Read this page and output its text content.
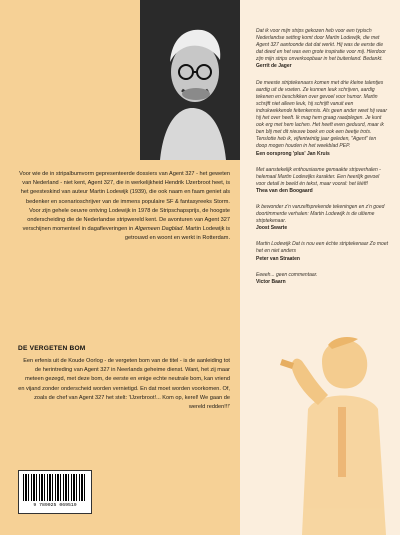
Voor wie de in stripalbumvorm gepresenteerde dossiers van Agent 327 - het geweten van Nederland - niet kent, Agent 327, die in werkelijkheid Hendrik IJzerbroot heet, is het geesteskind van auteur Martin Lodewijk (1939), die ook naam en faam geniet als bedenker en scenarioschrijver van de immens populaire SF & fantasyreeks Storm. Voor zijn gehele oeuvre ontving Lodewijk in 1978 de Stripschapsprijs, de hoogste onderscheiding die de Nederlandse stripwereld kent. De avonturen van Agent 327 verschijnen momenteel in dagafleveringen in Algemeen Dagblad. Martin Lodewijk is getrouwd en woont en werkt in Rotterdam.

DE VERGETEN BOM

Een erfenis uit de Koude Oorlog - de vergeten bom van de titel - is de aanleiding tot de herintreding van Agent 327 in Neerlands geheime dienst. Want, het zij maar meteen gezegd, met deze bom, de eerste en enige echte neutrale bom, kan vriend en vijand zonder onderscheid worden vernietigd. En dat moet worden voorkomen. Of, zoals de chef van Agent 327 het stelt: 'IJzerbroot!... Kom op, kerel! We gaan de wereld redden!!!'

9 789025 069519
Dat ik voor mijn strips gekozen heb voor een typisch Nederlandse setting komt door Martin Lodewijk, die met Agent 327 aantoonde dat dat werkt. Hij was de eerste die dat deed en het was een grote inspiratie voor mij. Hierdoor zijn mijn strips onverkoopbaar in het buitenland. Bedankt.
Gerrit de Jager
De meeste striptekenaars komen met drie kleine talentjes aardig uit de voeten. Ze kunnen leuk schrijven, aardig tekenen en beschikken over gevoel voor humor. Martin schrijft niet alleen leuk, hij schrijft vanuit een indrukwekkende feitenkennis. Als geen ander weet hij waar hij het over heeft. Ik mag hem graag raadplegen. Je kunt ook erg met hem lachen. Het heeft even geduurd, maar ik ben blij met dit nieuwe boek en ook een beetje trots. Tenslotte heb ik, vijfentwintig jaar geleden, "Agent" ten doop mogen houden in het weekblad PEP.
Een oorsprong 'plus' Jan Kruis
Met aanstekelijk enthousiasme gemaakte stripverhalen - helemaal Martin Lodewijks karakter. Een heerlijk gevoel voor detail in beeld én tekst, maar vooral: het lééft!
Thea van den Boogaard
Ik bewonder z'n vanzelfsprekende tekeningen en z'n goed doortimmerde verhalen: Martin Lodewijk is de ultieme striptekenaar.
Joost Swarte
Martin Lodewijk Dat is nou een échte striptekenaar Zo moet het en niet anders
Peter van Straaten
Eeeeh... geen commentaar.
Victor Baarn
